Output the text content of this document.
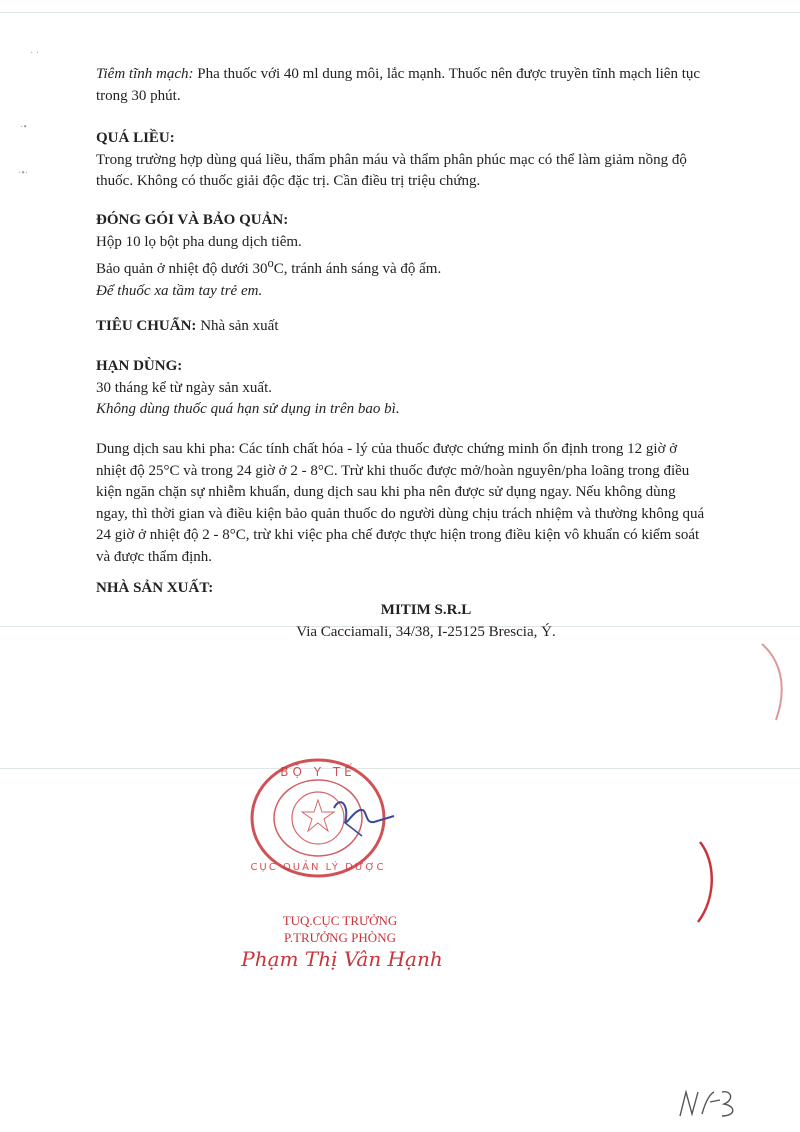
· ·
·•
·•·

Tiêm tĩnh mạch: Pha thuốc với 40 ml dung môi, lắc mạnh. Thuốc nên được truyền tĩnh mạch liên tục

trong 30 phút.

QUÁ LIỀU:

Trong trường hợp dùng quá liều, thẩm phân máu và thẩm phân phúc mạc có thể làm giảm nồng độ

thuốc. Không có thuốc giải độc đặc trị. Cần điều trị triệu chứng.

ĐÓNG GÓI VÀ BẢO QUẢN:

Hộp 10 lọ bột pha dung dịch tiêm.

Bảo quản ở nhiệt độ dưới 30$^o$C, tránh ánh sáng và độ ẩm.

Để thuốc xa tầm tay trẻ em.

TIÊU CHUẨN: Nhà sản xuất

HẠN DÙNG:

30 tháng kể từ ngày sản xuất.

Không dùng thuốc quá hạn sử dụng in trên bao bì.

Dung dịch sau khi pha: Các tính chất hóa - lý của thuốc được chứng minh ổn định trong 12 giờ ở

nhiệt độ 25°C và trong 24 giờ ở 2 - 8°C. Trừ khi thuốc được mở/hoàn nguyên/pha loãng trong điều

kiện ngăn chặn sự nhiễm khuẩn, dung dịch sau khi pha nên được sử dụng ngay. Nếu không dùng

ngay, thì thời gian và điều kiện bảo quản thuốc do người dùng chịu trách nhiệm và thường không quá

24 giờ ở nhiệt độ 2 - 8°C, trừ khi việc pha chế được thực hiện trong điều kiện vô khuẩn có kiểm soát

và được thẩm định.

NHÀ SẢN XUẤT:

MITIM S.R.L
Via Cacciamali, 34/38, I-25125 Brescia, Ý.
BỘ Y TẾ
CỤC QUẢN LÝ DƯỢC
TUQ.CỤC TRƯỞNG
P.TRƯỞNG PHÒNG
Phạm Thị Vân Hạnh
